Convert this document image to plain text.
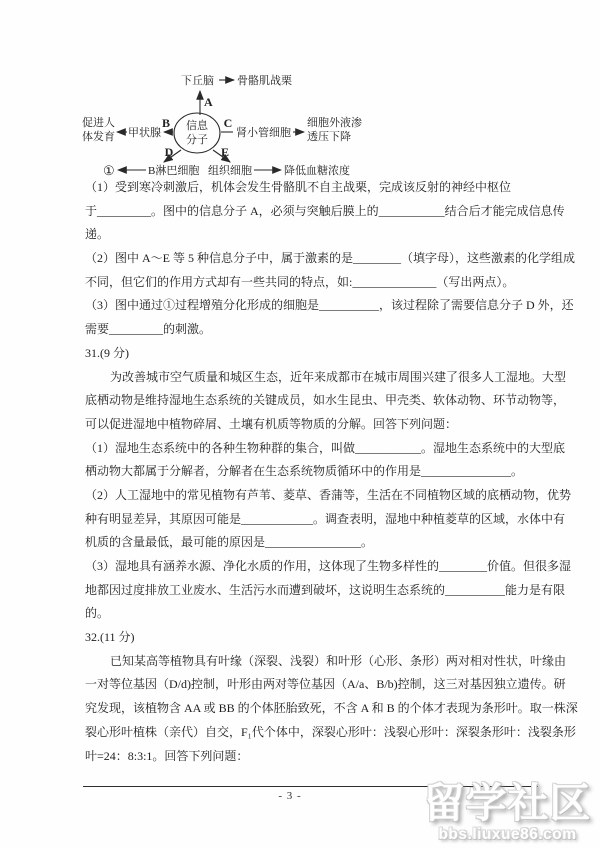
下丘脑 骨骼肌战栗
A
信息
分子
B	C
D	E
甲状腺
促进人
体发育	肾小管细胞
细胞外液渗
透压下降
①	B淋巴细胞 组织细胞	降低血糖浓度
（1）受到寒冷刺激后，机体会发生骨骼肌不自主战栗，完成该反射的神经中枢位
于_________。图中的信息分子 A，必须与突触后膜上的___________结合后才能完成信息传
递。
（2）图中 A～E 等 5 种信息分子中，属于激素的是________（填字母），这些激素的化学组成
不同，但它们的作用方式却有一些共同的特点，如:______________（写出两点）。
（3）图中通过①过程增殖分化形成的细胞是__________，该过程除了需要信息分子 D 外，还
需要_________的刺激。
31.(9 分)
为改善城市空气质量和城区生态，近年来成都市在城市周围兴建了很多人工湿地。大型
底栖动物是维持湿地生态系统的关键成员，如水生昆虫、甲壳类、软体动物、环节动物等，
可以促进湿地中植物碎屑、土壤有机质等物质的分解。回答下列问题：
（1）湿地生态系统中的各种生物种群的集合，叫做___________。湿地生态系统中的大型底
栖动物大都属于分解者，分解者在生态系统物质循环中的作用是_______________。
（2）人工湿地中的常见植物有芦苇、菱草、香蒲等，生活在不同植物区域的底栖动物，优势
种有明显差异，其原因可能是____________。调查表明，湿地中种植菱草的区域，水体中有
机质的含量最低，最可能的原因是________________。
（3）湿地具有涵养水源、净化水质的作用，这体现了生物多样性的________价值。但很多湿
地都因过度排放工业废水、生活污水而遭到破坏，这说明生态系统的__________能力是有限
的。
32.(11 分)
已知某高等植物具有叶缘（深裂、浅裂）和叶形（心形、条形）两对相对性状，叶缘由
一对等位基因（D/d)控制，叶形由两对等位基因（A/a、B/b)控制，这三对基因独立遗传。研
究发现，该植物含 AA 或 BB 的个体胚胎致死，不含 A 和 B 的个体才表现为条形叶。取一株深
裂心形叶植株（亲代）自交，F₁代个体中，深裂心形叶：浅裂心形叶：深裂条形叶：浅裂条形
叶=24：8:3:1。回答下列问题：
- 3 -	留学社区
bbs.liuxue86.com
